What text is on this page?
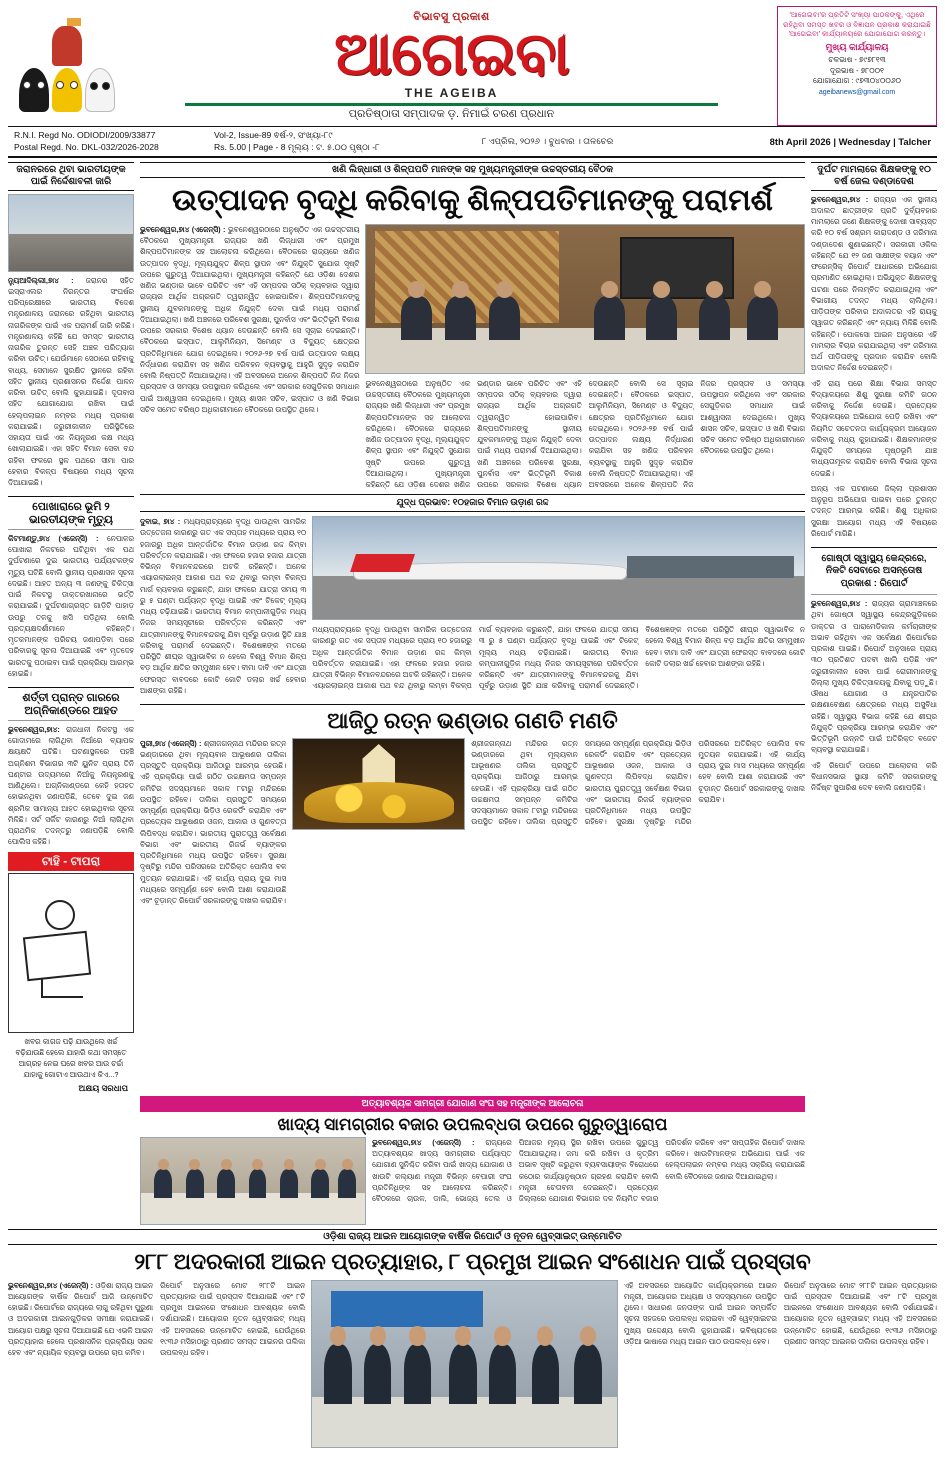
ବିଭାବସୁ ପ୍ରକାଶ
ଆଗେଇବା
THE AGEIBA
ପ୍ରତିଷ୍ଠାତା ସମ୍ପାଦକ ଡ଼. ନିମାଇଁ ଚରଣ ପ୍ରଧାନ
'ଆଗେଇବା'ର ପ୍ରତିଟି ସଂଖ୍ୟା ପାଠକଙ୍କୁ, ଏଥିରେ ରହିଥିବା ସମସ୍ତ ଖବର ଓ ବିଜ୍ଞାପନ ପ୍ରକାଶ କରାଯାଇଛି 'ଆଗେଇବା' କାର୍ଯ୍ୟାଳୟରେ ଯୋଗାଯୋଗ କରନ୍ତୁ।
ମୁଖ୍ୟ କାର୍ଯ୍ୟାଳୟ
ଚଳଭାଷ - ୭୯୭୮୧୩
ଦୂରଭାଷ - ୭୮୦୦୧
ଯୋଗାଯୋଗ : ୯୭୩୦୪୦୦୬୦
ageibanews@gmail.com
R.N.I. Regd No. ODIODI/2009/33877
Postal Regd. No. DKL-032/2026-2028
Vol-2, Issue-89 ଵର୍ଷ-୨, ସଂଖ୍ୟା-୮୯
Rs. 5.00 | Page - 8 ମୂଲ୍ୟ : ଟ. ୫.୦୦ ପୃଷ୍ଠା -୮
୮ ଏପ୍ରିଲ, ୨୦୨୬ । ବୁଧବାର । ତାଳଚେର	8th April 2026 | Wednesday | Talcher
ଜରାନରରେ ଥିବା ଭାରତୀୟଙ୍କ ପାଇଁ ନିର୍ଦ୍ଦେଶାବଳୀ ଜାରି

ନ୍ୟୁଆଦିଲ୍ଲୀ,୭ା୪ : ଜରାନର ସହିତ ଇସ୍ରାଏଲର ନିରନ୍ତର ସଂଘର୍ଷର ପରିପ୍ରେକ୍ଷୀରେ ଭାରତୀୟ ବିଦେଶ ମନ୍ତ୍ରଣାଳୟ ଜରାନରେ ରହିଥିବା ଭାରତୀୟ ନାଗରିକଙ୍କ ପାଇଁ ଏକ ପରାମର୍ଶ ଜାରି କରିଛି। ମନ୍ତ୍ରଣାଳୟ କହିଛି ଯେ ସମସ୍ତ ଭାରତୀୟ ନାଗରିକ ତୁରନ୍ତ ସେହି ଅଞ୍ଚଳ ପରିତ୍ୟାଗ କରିବା ଉଚିତ୍। ଯେଉଁମାନେ ସେଠାରେ ରହିବାକୁ ବାଧ୍ୟ, ସେମାନେ ସୁରକ୍ଷିତ ସ୍ଥାନରେ ରହିବା ସହିତ ସ୍ଥାନୀୟ ପ୍ରଶାସନର ନିର୍ଦ୍ଦେଶ ପାଳନ କରିବା ଉଚିତ୍ ବୋଲି କୁହାଯାଇଛି। ଦୂତାବାସ ସହିତ ଯୋଗାଯୋଗ ରଖିବା ପାଇଁ ହେଲ୍ପଲାଇନ ନମ୍ବର ମଧ୍ୟ ପ୍ରକାଶ କରାଯାଇଛି। ଜରୁରୀକାଳୀନ ପରିସ୍ଥିତିରେ ସହାୟତା ପାଇଁ ଏକ ନିୟନ୍ତ୍ରଣ କକ୍ଷ ମଧ୍ୟ ଖୋଲାଯାଇଛି। ଏହା ସହିତ ବିମାନ ସେବା ବନ୍ଦ ରହିବା ଫଳରେ ସ୍ଥଳ ପଥରେ ସୀମା ପାର ହେବାର ବିକଳ୍ପ ବିଷୟରେ ମଧ୍ୟ ସୂଚନା ଦିଆଯାଇଛି।

ପୋଖାରାରେ ଭୂମି ୨ ଭାରତୀୟଙ୍କ ମୃତ୍ୟୁ

କିଟମାଣ୍ଡୁ,୭ା୪ (ଏଜେନ୍ସି) : ନେପାଳର ପୋଖାରା ନିକଟରେ ଘଟିଥିବା ଏକ ପଥ ଦୁର୍ଘଟଣାରେ ଦୁଇ ଭାରତୀୟ ପର୍ଯ୍ୟଟକଙ୍କ ମୃତ୍ୟୁ ଘଟିଛି ବୋଲି ସ୍ଥାନୀୟ ପ୍ରଶାସନ ସୂଚନା ଦେଇଛି। ଆହତ ଅନ୍ୟ ୩ ଜଣଙ୍କୁ ଚିକିତ୍ସା ପାଇଁ ନିକଟସ୍ଥ ଡାକ୍ତରଖାନାରେ ଭର୍ତ୍ତି କରାଯାଇଛି। ଦୁର୍ଘଟଣାଗ୍ରସ୍ତ ଗାଡ଼ିଟି ପାହାଡ଼ ଉପରୁ ତଳକୁ ଖସି ପଡ଼ିଥିଲା ବୋଲି ପ୍ରତ୍ୟକ୍ଷଦର୍ଶୀମାନେ କହିଛନ୍ତି। ମୃତକମାନଙ୍କ ପରିଚୟ ଜଣାପଡ଼ିବା ପରେ ପରିବାରକୁ ସୂଚନା ଦିଆଯାଇଛି ଏବଂ ମୃତଦେହ ଭାରତକୁ ପଠାଇବା ପାଇଁ ପ୍ରକ୍ରିୟା ଆରମ୍ଭ ହୋଇଛି।

ଶର୍ତ୍ତୀ ପ୍ରାନ୍ତ ଗାରରେ ଅଗ୍ନିକାଣ୍ଡରେ ଆହତ

ଭୁବନେଶ୍ୱର,୭ା୪: ରାଜଧାନୀ ନିକଟସ୍ଥ ଏକ ଗୋଦାମରେ ଲାଗିଥିବା ନିଆଁରେ ବ୍ୟାପକ କ୍ଷୟକ୍ଷତି ଘଟିଛି। ଘଟଣାସ୍ଥଳରେ ପହଞ୍ଚି ଅଗ୍ନିଶମ ବିଭାଗର ୩ଟି ୟୁନିଟ ପ୍ରାୟ ତିନି ଘଣ୍ଟାର ଉଦ୍ୟମରେ ନିଆଁକୁ ନିୟନ୍ତ୍ରଣକୁ ଆଣିଥିଲେ। ଅଗ୍ନିକାଣ୍ଡରେ କେହି ହତାହତ ହୋଇନଥିବା ଜଣାପଡ଼ିଛି, ତେବେ ଦୁଇ ଜଣ ଶ୍ରମିକ ସାମାନ୍ୟ ଆହତ ହୋଇଥିବାର ସୂଚନା ମିଳିଛି। ସର୍ଟ ସର୍କିଟ କାରଣରୁ ନିଆଁ ଲାଗିଥିବା ପ୍ରାଥମିକ ତଦନ୍ତରୁ ଜଣାପଡ଼ିଛି ବୋଲି ପୋଲିସ କହିଛି।

ଟାହି - ଟାପରା
ଖବର କାଗଜ ପଢ଼ି ଯାଉଥିଲେ ଖର୍ଚ୍ଚ ବଢ଼ିଯାଉଛି ହେଲେ ଯାହାରି କଥା ସମସ୍ତେ ଆଗ୍ରହ ନେଇ ଘରେ ଖବର ଆଉ ଚର୍ଚ୍ଚା ଯାହାକୁ ଗୋଟାଏ ଆଉଥାଏ କିଏ...?
ଅକ୍ଷୟ ସରଧାପ
ଖଣି ଲିଜ୍‌ଧାରୀ ଓ ଶିଳ୍ପପତି ମାନଙ୍କ ସହ ମୁଖ୍ୟମନ୍ତ୍ରୀଙ୍କ ଉଚ୍ଚସ୍ତରୀୟ ବୈଠକ
ଉତ୍ପାଦନ ବୃଦ୍ଧି କରିବାକୁ ଶିଳ୍ପପତିମାନଙ୍କୁ ପରାମର୍ଶ

ଭୁବନେଶ୍ୱର,୭ା୪ (ଏଜେନ୍ସି) : ଭୁବନେଶ୍ୱରଠାରେ ଅନୁଷ୍ଠିତ ଏକ ଉଚ୍ଚସ୍ତରୀୟ ବୈଠକରେ ମୁଖ୍ୟମନ୍ତ୍ରୀ ରାଜ୍ୟର ଖଣି ଲିଜ୍‌ଧାରୀ ଏବଂ ପ୍ରମୁଖ ଶିଳ୍ପପତିମାନଙ୍କ ସହ ଆଲୋଚନା କରିଥିଲେ। ବୈଠକରେ ରାଜ୍ୟରେ ଖଣିଜ ଉତ୍ପାଦନ ବୃଦ୍ଧି, ମୂଲ୍ୟଯୁକ୍ତ ଶିଳ୍ପ ସ୍ଥାପନ ଏବଂ ନିଯୁକ୍ତି ସୁଯୋଗ ସୃଷ୍ଟି ଉପରେ ଗୁରୁତ୍ୱ ଦିଆଯାଇଥିଲା। ମୁଖ୍ୟମନ୍ତ୍ରୀ କହିଛନ୍ତି ଯେ ଓଡ଼ିଶା ଦେଶର ଖଣିଜ ଭଣ୍ଡାର ଭାବେ ପରିଚିତ ଏବଂ ଏହି ସମ୍ପଦର ସଠିକ୍ ବ୍ୟବହାର ଦ୍ୱାରା ରାଜ୍ୟର ଆର୍ଥିକ ଅଗ୍ରଗତି ତ୍ୱରାନ୍ୱିତ ହୋଇପାରିବ। ଶିଳ୍ପପତିମାନଙ୍କୁ ସ୍ଥାନୀୟ ଯୁବକମାନଙ୍କୁ ଅଧିକ ନିଯୁକ୍ତି ଦେବା ପାଇଁ ମଧ୍ୟ ପରାମର୍ଶ ଦିଆଯାଇଥିଲା। ଖଣି ଅଞ୍ଚଳରେ ପରିବେଶ ସୁରକ୍ଷା, ପୁନର୍ବାସ ଏବଂ ଭିତ୍ତିଭୂମି ବିକାଶ ଉପରେ ସରକାର ବିଶେଷ ଧ୍ୟାନ ଦେଉଛନ୍ତି ବୋଲି ସେ ସୂଚାଇ ଦେଇଛନ୍ତି। ବୈଠକରେ ଇସ୍ପାତ, ଆଲୁମିନିୟମ, ସିମେଣ୍ଟ ଓ ବିଦ୍ୟୁତ୍ କ୍ଷେତ୍ରର ପ୍ରତିନିଧିମାନେ ଯୋଗ ଦେଇଥିଲେ। ୨୦୨୬-୨୭ ବର୍ଷ ପାଇଁ ଉତ୍ପାଦନ ଲକ୍ଷ୍ୟ ନିର୍ଦ୍ଧାରଣ କରାଯିବା ସହ ଖଣିଜ ପରିବହନ ବ୍ୟବସ୍ଥାକୁ ଆହୁରି ସୁଦୃଢ଼ କରାଯିବ ବୋଲି ନିଷ୍ପତ୍ତି ନିଆଯାଇଥିଲା। ଏହି ଅବସରରେ ଅନେକ ଶିଳ୍ପପତି ନିଜ ନିଜର ପ୍ରସ୍ତାବ ଓ ସମସ୍ୟା ଉପସ୍ଥାପନ କରିଥିଲେ ଏବଂ ସରକାର ସେଗୁଡ଼ିକର ସମାଧାନ ପାଇଁ ଆଶ୍ୱାସନା ଦେଇଥିଲେ। ମୁଖ୍ୟ ଶାସନ ସଚିବ, ଇସ୍ପାତ ଓ ଖଣି ବିଭାଗ ସଚିବ ସମେତ ବରିଷ୍ଠ ଅଧିକାରୀମାନେ ବୈଠକରେ ଉପସ୍ଥିତ ଥିଲେ।

ଭୁବନେଶ୍ୱରଠାରେ ଅନୁଷ୍ଠିତ ଏକ ଉଚ୍ଚସ୍ତରୀୟ ବୈଠକରେ ମୁଖ୍ୟମନ୍ତ୍ରୀ ରାଜ୍ୟର ଖଣି ଲିଜ୍‌ଧାରୀ ଏବଂ ପ୍ରମୁଖ ଶିଳ୍ପପତିମାନଙ୍କ ସହ ଆଲୋଚନା କରିଥିଲେ। ବୈଠକରେ ରାଜ୍ୟରେ ଖଣିଜ ଉତ୍ପାଦନ ବୃଦ୍ଧି, ମୂଲ୍ୟଯୁକ୍ତ ଶିଳ୍ପ ସ୍ଥାପନ ଏବଂ ନିଯୁକ୍ତି ସୁଯୋଗ ସୃଷ୍ଟି ଉପରେ ଗୁରୁତ୍ୱ ଦିଆଯାଇଥିଲା। ମୁଖ୍ୟମନ୍ତ୍ରୀ କହିଛନ୍ତି ଯେ ଓଡ଼ିଶା ଦେଶର ଖଣିଜ ଭଣ୍ଡାର ଭାବେ ପରିଚିତ ଏବଂ ଏହି ସମ୍ପଦର ସଠିକ୍ ବ୍ୟବହାର ଦ୍ୱାରା ରାଜ୍ୟର ଆର୍ଥିକ ଅଗ୍ରଗତି ତ୍ୱରାନ୍ୱିତ ହୋଇପାରିବ। ଶିଳ୍ପପତିମାନଙ୍କୁ ସ୍ଥାନୀୟ ଯୁବକମାନଙ୍କୁ ଅଧିକ ନିଯୁକ୍ତି ଦେବା ପାଇଁ ମଧ୍ୟ ପରାମର୍ଶ ଦିଆଯାଇଥିଲା। ଖଣି ଅଞ୍ଚଳରେ ପରିବେଶ ସୁରକ୍ଷା, ପୁନର୍ବାସ ଏବଂ ଭିତ୍ତିଭୂମି ବିକାଶ ଉପରେ ସରକାର ବିଶେଷ ଧ୍ୟାନ ଦେଉଛନ୍ତି ବୋଲି ସେ ସୂଚାଇ ଦେଇଛନ୍ତି। ବୈଠକରେ ଇସ୍ପାତ, ଆଲୁମିନିୟମ, ସିମେଣ୍ଟ ଓ ବିଦ୍ୟୁତ୍ କ୍ଷେତ୍ରର ପ୍ରତିନିଧିମାନେ ଯୋଗ ଦେଇଥିଲେ। ୨୦୨୬-୨୭ ବର୍ଷ ପାଇଁ ଉତ୍ପାଦନ ଲକ୍ଷ୍ୟ ନିର୍ଦ୍ଧାରଣ କରାଯିବା ସହ ଖଣିଜ ପରିବହନ ବ୍ୟବସ୍ଥାକୁ ଆହୁରି ସୁଦୃଢ଼ କରାଯିବ ବୋଲି ନିଷ୍ପତ୍ତି ନିଆଯାଇଥିଲା। ଏହି ଅବସରରେ ଅନେକ ଶିଳ୍ପପତି ନିଜ ନିଜର ପ୍ରସ୍ତାବ ଓ ସମସ୍ୟା ଉପସ୍ଥାପନ କରିଥିଲେ ଏବଂ ସରକାର ସେଗୁଡ଼ିକର ସମାଧାନ ପାଇଁ ଆଶ୍ୱାସନା ଦେଇଥିଲେ। ମୁଖ୍ୟ ଶାସନ ସଚିବ, ଇସ୍ପାତ ଓ ଖଣି ବିଭାଗ ସଚିବ ସମେତ ବରିଷ୍ଠ ଅଧିକାରୀମାନେ ବୈଠକରେ ଉପସ୍ଥିତ ଥିଲେ।

ଯୁଦ୍ଧ ପ୍ରଭାବ: ୧୦ହଜାର ବିମାନ ଉଡ଼ାଣ ରଦ୍ଦ

ଦୁବାଇ, ୭ା୪ : ମଧ୍ୟପ୍ରାଚ୍ୟରେ ବୃଦ୍ଧି ପାଉଥିବା ସାମରିକ ଉତ୍ତେଜନା କାରଣରୁ ଗତ ଏକ ସପ୍ତାହ ମଧ୍ୟରେ ପ୍ରାୟ ୧୦ ହଜାରରୁ ଅଧିକ ଆନ୍ତର୍ଜାତିକ ବିମାନ ଉଡ଼ାଣ ରଦ୍ଦ କିମ୍ବା ପରିବର୍ତ୍ତନ କରାଯାଇଛି। ଏହା ଫଳରେ ହଜାର ହଜାର ଯାତ୍ରୀ ବିଭିନ୍ନ ବିମାନବନ୍ଦରରେ ଅଟକି ରହିଛନ୍ତି। ଅନେକ ଏୟାରଲାଇନ୍ସ ଆକାଶ ପଥ ବନ୍ଦ ଥିବାରୁ ଲମ୍ବା ବିକଳ୍ପ ମାର୍ଗ ବ୍ୟବହାର କରୁଛନ୍ତି, ଯାହା ଫଳରେ ଯାତ୍ରା ସମୟ ୩ ରୁ ୫ ଘଣ୍ଟା ପର୍ଯ୍ୟନ୍ତ ବୃଦ୍ଧି ପାଇଛି ଏବଂ ଟିକେଟ୍ ମୂଲ୍ୟ ମଧ୍ୟ ଚଢ଼ିଯାଇଛି। ଭାରତୀୟ ବିମାନ କମ୍ପାନୀଗୁଡ଼ିକ ମଧ୍ୟ ନିଜର ସମୟସୂଚୀରେ ପରିବର୍ତ୍ତନ କରିଛନ୍ତି ଏବଂ ଯାତ୍ରୀମାନଙ୍କୁ ବିମାନବନ୍ଦରକୁ ଯିବା ପୂର୍ବରୁ ଉଡ଼ାଣ ସ୍ଥିତି ଯାଞ୍ଚ କରିବାକୁ ପରାମର୍ଶ ଦେଇଛନ୍ତି। ବିଶେଷଜ୍ଞଙ୍କ ମତରେ ପରିସ୍ଥିତି ଶୀଘ୍ର ସ୍ୱାଭାବିକ ନ ହେଲେ ବିଶ୍ୱ ବିମାନ ଶିଳ୍ପ ବଡ଼ ଆର୍ଥିକ କ୍ଷତିର ସମ୍ମୁଖୀନ ହେବ। ବୀମା ଦାବି ଏବଂ ଯାତ୍ରୀ ଫେରସ୍ତ ବାବଦରେ କୋଟି କୋଟି ଡଲାର ଖର୍ଚ୍ଚ ହେବାର ଆଶଙ୍କା ରହିଛି।

ମଧ୍ୟପ୍ରାଚ୍ୟରେ ବୃଦ୍ଧି ପାଉଥିବା ସାମରିକ ଉତ୍ତେଜନା କାରଣରୁ ଗତ ଏକ ସପ୍ତାହ ମଧ୍ୟରେ ପ୍ରାୟ ୧୦ ହଜାରରୁ ଅଧିକ ଆନ୍ତର୍ଜାତିକ ବିମାନ ଉଡ଼ାଣ ରଦ୍ଦ କିମ୍ବା ପରିବର୍ତ୍ତନ କରାଯାଇଛି। ଏହା ଫଳରେ ହଜାର ହଜାର ଯାତ୍ରୀ ବିଭିନ୍ନ ବିମାନବନ୍ଦରରେ ଅଟକି ରହିଛନ୍ତି। ଅନେକ ଏୟାରଲାଇନ୍ସ ଆକାଶ ପଥ ବନ୍ଦ ଥିବାରୁ ଲମ୍ବା ବିକଳ୍ପ ମାର୍ଗ ବ୍ୟବହାର କରୁଛନ୍ତି, ଯାହା ଫଳରେ ଯାତ୍ରା ସମୟ ୩ ରୁ ୫ ଘଣ୍ଟା ପର୍ଯ୍ୟନ୍ତ ବୃଦ୍ଧି ପାଇଛି ଏବଂ ଟିକେଟ୍ ମୂଲ୍ୟ ମଧ୍ୟ ଚଢ଼ିଯାଇଛି। ଭାରତୀୟ ବିମାନ କମ୍ପାନୀଗୁଡ଼ିକ ମଧ୍ୟ ନିଜର ସମୟସୂଚୀରେ ପରିବର୍ତ୍ତନ କରିଛନ୍ତି ଏବଂ ଯାତ୍ରୀମାନଙ୍କୁ ବିମାନବନ୍ଦରକୁ ଯିବା ପୂର୍ବରୁ ଉଡ଼ାଣ ସ୍ଥିତି ଯାଞ୍ଚ କରିବାକୁ ପରାମର୍ଶ ଦେଇଛନ୍ତି। ବିଶେଷଜ୍ଞଙ୍କ ମତରେ ପରିସ୍ଥିତି ଶୀଘ୍ର ସ୍ୱାଭାବିକ ନ ହେଲେ ବିଶ୍ୱ ବିମାନ ଶିଳ୍ପ ବଡ଼ ଆର୍ଥିକ କ୍ଷତିର ସମ୍ମୁଖୀନ ହେବ। ବୀମା ଦାବି ଏବଂ ଯାତ୍ରୀ ଫେରସ୍ତ ବାବଦରେ କୋଟି କୋଟି ଡଲାର ଖର୍ଚ୍ଚ ହେବାର ଆଶଙ୍କା ରହିଛି।

ଆଜିଠୁ ରତ୍ନ ଭଣ୍ଡାର ଗଣତି ମଣତି

ପୁରୀ,୭ା୪ (ଏଜେନ୍ସି) : ଶ୍ରୀଜଗନ୍ନାଥ ମନ୍ଦିରର ରତ୍ନ ଭଣ୍ଡାରରେ ଥିବା ମୂଲ୍ୟବାନ ଆଭୂଷଣର ତାଲିକା ପ୍ରସ୍ତୁତି ପ୍ରକ୍ରିୟା ଆଜିଠାରୁ ଆରମ୍ଭ ହେଉଛି। ଏହି ପ୍ରକ୍ରିୟା ପାଇଁ ଗଠିତ ଉଚ୍ଚକ୍ଷମତା ସମ୍ପନ୍ନ କମିଟିର ସଦସ୍ୟମାନେ ସକାଳ ୮ଟାରୁ ମନ୍ଦିରରେ ଉପସ୍ଥିତ ରହିବେ। ତାଲିକା ପ୍ରସ୍ତୁତି ସମୟରେ ସମ୍ପୂର୍ଣ୍ଣ ପ୍ରକ୍ରିୟା ଭିଡ଼ିଓ ରେକର୍ଡିଂ କରାଯିବ ଏବଂ ପ୍ରତ୍ୟେକ ଆଭୂଷଣର ଓଜନ, ଆକାର ଓ ଗୁଣବତ୍ତା ଲିପିବଦ୍ଧ କରାଯିବ। ଭାରତୀୟ ପୁରାତତ୍ତ୍ୱ ସର୍ବେକ୍ଷଣ ବିଭାଗ ଏବଂ ଭାରତୀୟ ରିଜର୍ଭ ବ୍ୟାଙ୍କର ପ୍ରତିନିଧିମାନେ ମଧ୍ୟ ଉପସ୍ଥିତ ରହିବେ। ସୁରକ୍ଷା ଦୃଷ୍ଟିରୁ ମନ୍ଦିର ପରିସରରେ ଅତିରିକ୍ତ ପୋଲିସ ବଳ ମୁତୟନ କରାଯାଇଛି। ଏହି କାର୍ଯ୍ୟ ପ୍ରାୟ ଦୁଇ ମାସ ମଧ୍ୟରେ ସମ୍ପୂର୍ଣ୍ଣ ହେବ ବୋଲି ଆଶା କରାଯାଉଛି ଏବଂ ଚୂଡ଼ାନ୍ତ ରିପୋର୍ଟ ସରକାରଙ୍କୁ ଦାଖଲ କରାଯିବ।

ଶ୍ରୀଜଗନ୍ନାଥ ମନ୍ଦିରର ରତ୍ନ ଭଣ୍ଡାରରେ ଥିବା ମୂଲ୍ୟବାନ ଆଭୂଷଣର ତାଲିକା ପ୍ରସ୍ତୁତି ପ୍ରକ୍ରିୟା ଆଜିଠାରୁ ଆରମ୍ଭ ହେଉଛି। ଏହି ପ୍ରକ୍ରିୟା ପାଇଁ ଗଠିତ ଉଚ୍ଚକ୍ଷମତା ସମ୍ପନ୍ନ କମିଟିର ସଦସ୍ୟମାନେ ସକାଳ ୮ଟାରୁ ମନ୍ଦିରରେ ଉପସ୍ଥିତ ରହିବେ। ତାଲିକା ପ୍ରସ୍ତୁତି ସମୟରେ ସମ୍ପୂର୍ଣ୍ଣ ପ୍ରକ୍ରିୟା ଭିଡ଼ିଓ ରେକର୍ଡିଂ କରାଯିବ ଏବଂ ପ୍ରତ୍ୟେକ ଆଭୂଷଣର ଓଜନ, ଆକାର ଓ ଗୁଣବତ୍ତା ଲିପିବଦ୍ଧ କରାଯିବ। ଭାରତୀୟ ପୁରାତତ୍ତ୍ୱ ସର୍ବେକ୍ଷଣ ବିଭାଗ ଏବଂ ଭାରତୀୟ ରିଜର୍ଭ ବ୍ୟାଙ୍କର ପ୍ରତିନିଧିମାନେ ମଧ୍ୟ ଉପସ୍ଥିତ ରହିବେ। ସୁରକ୍ଷା ଦୃଷ୍ଟିରୁ ମନ୍ଦିର ପରିସରରେ ଅତିରିକ୍ତ ପୋଲିସ ବଳ ମୁତୟନ କରାଯାଇଛି। ଏହି କାର୍ଯ୍ୟ ପ୍ରାୟ ଦୁଇ ମାସ ମଧ୍ୟରେ ସମ୍ପୂର୍ଣ୍ଣ ହେବ ବୋଲି ଆଶା କରାଯାଉଛି ଏବଂ ଚୂଡ଼ାନ୍ତ ରିପୋର୍ଟ ସରକାରଙ୍କୁ ଦାଖଲ କରାଯିବ।

ଦୁର୍ଘଟ ମାମଲାରେ ଶିକ୍ଷକଙ୍କୁ ୧୦ ବର୍ଷ ଜେଲ ଦଣ୍ଡାଦେଶ

ଭୁବନେଶ୍ୱର,୭ା୪ : ରାଜ୍ୟର ଏକ ସ୍ଥାନୀୟ ଅଦାଲତ ଛାତ୍ରୀଙ୍କ ପ୍ରତି ଦୁର୍ବ୍ୟବହାର ମାମଲାରେ ଜଣେ ଶିକ୍ଷକଙ୍କୁ ଦୋଷୀ ସାବ୍ୟସ୍ତ କରି ୧୦ ବର୍ଷ ସଶ୍ରମ କାରାଦଣ୍ଡ ଓ ଜରିମାନା ଦଣ୍ଡାଦେଶ ଶୁଣାଇଛନ୍ତି। ସରକାରୀ ଓକିଲ କହିଛନ୍ତି ଯେ ୧୨ ଜଣ ସାକ୍ଷୀଙ୍କ ବୟାନ ଏବଂ ଫରେନ୍‌ସିକ୍ ରିପୋର୍ଟ ଆଧାରରେ ଅଭିଯୋଗ ପ୍ରମାଣିତ ହୋଇଥିଲା। ଅଭିଯୁକ୍ତ ଶିକ୍ଷକଙ୍କୁ ଘଟଣା ପରେ ନିଲମ୍ବିତ କରାଯାଇଥିଲା ଏବଂ ବିଭାଗୀୟ ତଦନ୍ତ ମଧ୍ୟ ଚାଲିଥିଲା। ପୀଡ଼ିତାଙ୍କ ପରିବାର ଅଦାଲତର ଏହି ରାୟକୁ ସ୍ୱାଗତ କରିଛନ୍ତି ଏବଂ ନ୍ୟାୟ ମିଳିଛି ବୋଲି କହିଛନ୍ତି। ପୋକସୋ ଆଇନ ଅନୁସାରେ ଏହି ମାମଲାର ବିଚାର କରାଯାଇଥିଲା ଏବଂ ଜରିମାନା ଅର୍ଥ ପୀଡ଼ିତାଙ୍କୁ ପ୍ରଦାନ କରାଯିବ ବୋଲି ଅଦାଲତ ନିର୍ଦ୍ଦେଶ ଦେଇଛନ୍ତି।

ଏହି ରାୟ ପରେ ଶିକ୍ଷା ବିଭାଗ ସମସ୍ତ ବିଦ୍ୟାଳୟରେ ଶିଶୁ ସୁରକ୍ଷା କମିଟି ଗଠନ କରିବାକୁ ନିର୍ଦ୍ଦେଶ ଦେଇଛି। ପ୍ରତ୍ୟେକ ବିଦ୍ୟାଳୟରେ ଅଭିଯୋଗ ପେଡ଼ି ରଖିବା ଏବଂ ନିୟମିତ ସଚେତନତା କାର୍ଯ୍ୟକ୍ରମ ଆୟୋଜନ କରିବାକୁ ମଧ୍ୟ କୁହାଯାଇଛି। ଶିକ୍ଷକମାନଙ୍କ ନିଯୁକ୍ତି ସମୟରେ ପୃଷ୍ଠଭୂମି ଯାଞ୍ଚ ବାଧ୍ୟତାମୂଳକ କରାଯିବ ବୋଲି ବିଭାଗ ସୂଚନା ଦେଇଛି।

ଅନ୍ୟ ଏକ ଘଟଣାରେ ଜିଲ୍ଲା ପ୍ରଶାସନ ଅନୁରୂପ ଅଭିଯୋଗ ପାଇବା ପରେ ତୁରନ୍ତ ତଦନ୍ତ ଆରମ୍ଭ କରିଛି। ଶିଶୁ ଅଧିକାର ସୁରକ୍ଷା ଆୟୋଗ ମଧ୍ୟ ଏହି ବିଷୟରେ ରିପୋର୍ଟ ମାଗିଛି।

ଗୋଷ୍ଠୀ ସ୍ୱାସ୍ଥ୍ୟ କେନ୍ଦ୍ରରେ, ନିକଟି ସେବାରେ ଅସନ୍ତୋଷ ପ୍ରକାଶ : ରିପୋର୍ଟ

ଭୁବନେଶ୍ୱର,୭ା୪ : ରାଜ୍ୟର ଗ୍ରାମାଞ୍ଚଳରେ ଥିବା ଗୋଷ୍ଠୀ ସ୍ୱାସ୍ଥ୍ୟ କେନ୍ଦ୍ରଗୁଡ଼ିକରେ ଡାକ୍ତର ଓ ପାରାମେଡିକାଲ କର୍ମଚାରୀଙ୍କ ଅଭାବ ରହିଥିବା ଏକ ସର୍ବେକ୍ଷଣ ରିପୋର୍ଟରେ ପ୍ରକାଶ ପାଇଛି। ରିପୋର୍ଟ ଅନୁସାରେ ପ୍ରାୟ ୩୦ ପ୍ରତିଶତ ପଦବୀ ଖାଲି ପଡ଼ିଛି ଏବଂ ଜରୁରୀକାଳୀନ ସେବା ପାଇଁ ରୋଗୀମାନଙ୍କୁ ଜିଲ୍ଲା ମୁଖ୍ୟ ଚିକିତ୍ସାଳୟକୁ ଯିବାକୁ ପଡ଼ୁଛି। ଔଷଧ ଯୋଗାଣ ଓ ଯନ୍ତ୍ରପାତିର ରକ୍ଷଣାବେକ୍ଷଣ କ୍ଷେତ୍ରରେ ମଧ୍ୟ ଅସୁବିଧା ରହିଛି। ସ୍ୱାସ୍ଥ୍ୟ ବିଭାଗ କହିଛି ଯେ ଶୀଘ୍ର ନିଯୁକ୍ତି ପ୍ରକ୍ରିୟା ଆରମ୍ଭ କରାଯିବ ଏବଂ ଭିତ୍ତିଭୂମି ଉନ୍ନତି ପାଇଁ ଅତିରିକ୍ତ ବଜେଟ ବ୍ୟବସ୍ଥା କରାଯାଇଛି।

ଏହି ରିପୋର୍ଟ ଉପରେ ଆଲୋଚନା କରି ବିଧାନସଭାର ସ୍ଥାୟୀ କମିଟି ସରକାରଙ୍କୁ ନିର୍ଦ୍ଦିଷ୍ଟ ସୁପାରିଶ ଦେବ ବୋଲି ଜଣାପଡ଼ିଛି।

ଅତ୍ୟାବଶ୍ୟକ ସାମଗ୍ରୀ ଯୋଗାଣ ସଂଘ ସହ ମନ୍ତ୍ରୀଙ୍କ ଆଲୋଚନା
ଖାଦ୍ୟ ସାମଗ୍ରୀର ବଜାର ଉପଲବ୍ଧତା ଉପରେ ଗୁରୁତ୍ୱାରୋପ

ଭୁବନେଶ୍ୱର,୭ା୪ (ଏଜେନ୍ସି) : ରାଜ୍ୟରେ ଅତ୍ୟାବଶ୍ୟକ ଖାଦ୍ୟ ସାମଗ୍ରୀର ପର୍ଯ୍ୟାପ୍ତ ଯୋଗାଣ ସୁନିଶ୍ଚିତ କରିବା ପାଇଁ ଖାଦ୍ୟ ଯୋଗାଣ ଓ ଖାଉଟି କଲ୍ୟାଣ ମନ୍ତ୍ରୀ ବିଭିନ୍ନ ବେପାରୀ ସଂଘ ପ୍ରତିନିଧିଙ୍କ ସହ ଆଲୋଚନା କରିଛନ୍ତି। ବୈଠକରେ ଚାଉଳ, ଡାଲି, ଭୋଜ୍ୟ ତେଲ ଓ ପିଆଜର ମୂଲ୍ୟ ସ୍ଥିର ରଖିବା ଉପରେ ଗୁରୁତ୍ୱ ଦିଆଯାଇଥିଲା। ଜମା କରି ରଖିବା ଓ କୃତ୍ରିମ ଅଭାବ ସୃଷ୍ଟି କରୁଥିବା ବ୍ୟବସାୟୀଙ୍କ ବିରୋଧରେ କଠୋର କାର୍ଯ୍ୟାନୁଷ୍ଠାନ ଗ୍ରହଣ କରାଯିବ ବୋଲି ମନ୍ତ୍ରୀ ଚେତାବନୀ ଦେଇଛନ୍ତି। ପ୍ରତ୍ୟେକ ଜିଲ୍ଲାରେ ଯୋଗାଣ ବିଭାଗର ଦଳ ନିୟମିତ ବଜାର ପରିଦର୍ଶନ କରିବେ ଏବଂ ସାପ୍ତାହିକ ରିପୋର୍ଟ ଦାଖଲ କରିବେ। ଖାଉଟିମାନଙ୍କ ଅଭିଯୋଗ ପାଇଁ ଏକ ହେଲ୍ପଲାଇନ ନମ୍ବର ମଧ୍ୟ ସକ୍ରିୟ କରାଯାଇଛି ବୋଲି ବୈଠକରେ ଜଣାଇ ଦିଆଯାଇଥିଲା।

ଓଡ଼ିଶା ରାଜ୍ୟ ଆଇନ ଆୟୋଗଙ୍କ ବାର୍ଷିକ ରିପୋର୍ଟ ଓ ନୂତନ ୱେବ୍‌ସାଇଟ୍ ଉନ୍ମୋଚିତ
୨୮୮ ଅଦରକାରୀ ଆଇନ ପ୍ରତ୍ୟାହାର, ୮ ପ୍ରମୁଖ ଆଇନ ସଂଶୋଧନ ପାଇଁ ପ୍ରସ୍ତାବ

ଭୁବନେଶ୍ୱର,୭ା୪ (ଏଜେନ୍ସି) : ଓଡ଼ିଶା ରାଜ୍ୟ ଆଇନ ଆୟୋଗଙ୍କ ବାର୍ଷିକ ରିପୋର୍ଟ ଆଜି ଉନ୍ମୋଚିତ ହୋଇଛି। ରିପୋର୍ଟରେ ରାଜ୍ୟରେ ଲାଗୁ ରହିଥିବା ପୁରୁଣା ଓ ଅଦରକାରୀ ଆଇନଗୁଡ଼ିକର ସମୀକ୍ଷା କରାଯାଇଛି। ଆୟୋଗ ପକ୍ଷରୁ ସୂଚନା ଦିଆଯାଇଛି ଯେ ଏଭଳି ଆଇନ ପ୍ରତ୍ୟାହାର ହେଲେ ପ୍ରଶାସନିକ ପ୍ରକ୍ରିୟା ସରଳ ହେବ ଏବଂ ନ୍ୟାୟିକ ବ୍ୟବସ୍ଥା ଉପରେ ଚାପ କମିବ।

ରିପୋର୍ଟ ଅନୁସାରେ ମୋଟ ୨୮୮ଟି ଆଇନ ପ୍ରତ୍ୟାହାର ପାଇଁ ପ୍ରସ୍ତାବ ଦିଆଯାଇଛି ଏବଂ ୮ଟି ପ୍ରମୁଖ ଆଇନରେ ସଂଶୋଧନ ଆବଶ୍ୟକ ବୋଲି ଦର୍ଶାଯାଇଛି। ଆୟୋଗର ନୂତନ ୱେବ୍‌ସାଇଟ୍ ମଧ୍ୟ ଏହି ଅବସରରେ ଉନ୍ମୋଚିତ ହୋଇଛି, ଯେଉଁଥିରେ ୧୯୩୬ ମସିହାଠାରୁ ପ୍ରଣୀତ ସମସ୍ତ ଆଇନର ତାଲିକା ଉପଲବ୍ଧ ରହିବ।

ଏହି ଅବସରରେ ଆୟୋଜିତ କାର୍ଯ୍ୟକ୍ରମରେ ଆଇନ ମନ୍ତ୍ରୀ, ଆୟୋଗର ଅଧ୍ୟକ୍ଷ ଓ ସଦସ୍ୟମାନେ ଉପସ୍ଥିତ ଥିଲେ। ସାଧାରଣ ଜନତାଙ୍କ ପାଇଁ ଆଇନ ସମ୍ପର୍କିତ ସୂଚନା ସହଜରେ ଉପଲବ୍ଧ କରାଇବା ଏହି ୱେବ୍‌ସାଇଟର ମୁଖ୍ୟ ଉଦ୍ଦେଶ୍ୟ ବୋଲି କୁହାଯାଇଛି। ଭବିଷ୍ୟତରେ ଓଡ଼ିଆ ଭାଷାରେ ମଧ୍ୟ ଆଇନ ପାଠ ଉପଲବ୍ଧ ହେବ।

ରିପୋର୍ଟ ଅନୁସାରେ ମୋଟ ୨୮୮ଟି ଆଇନ ପ୍ରତ୍ୟାହାର ପାଇଁ ପ୍ରସ୍ତାବ ଦିଆଯାଇଛି ଏବଂ ୮ଟି ପ୍ରମୁଖ ଆଇନରେ ସଂଶୋଧନ ଆବଶ୍ୟକ ବୋଲି ଦର୍ଶାଯାଇଛି। ଆୟୋଗର ନୂତନ ୱେବ୍‌ସାଇଟ୍ ମଧ୍ୟ ଏହି ଅବସରରେ ଉନ୍ମୋଚିତ ହୋଇଛି, ଯେଉଁଥିରେ ୧୯୩୬ ମସିହାଠାରୁ ପ୍ରଣୀତ ସମସ୍ତ ଆଇନର ତାଲିକା ଉପଲବ୍ଧ ରହିବ।
